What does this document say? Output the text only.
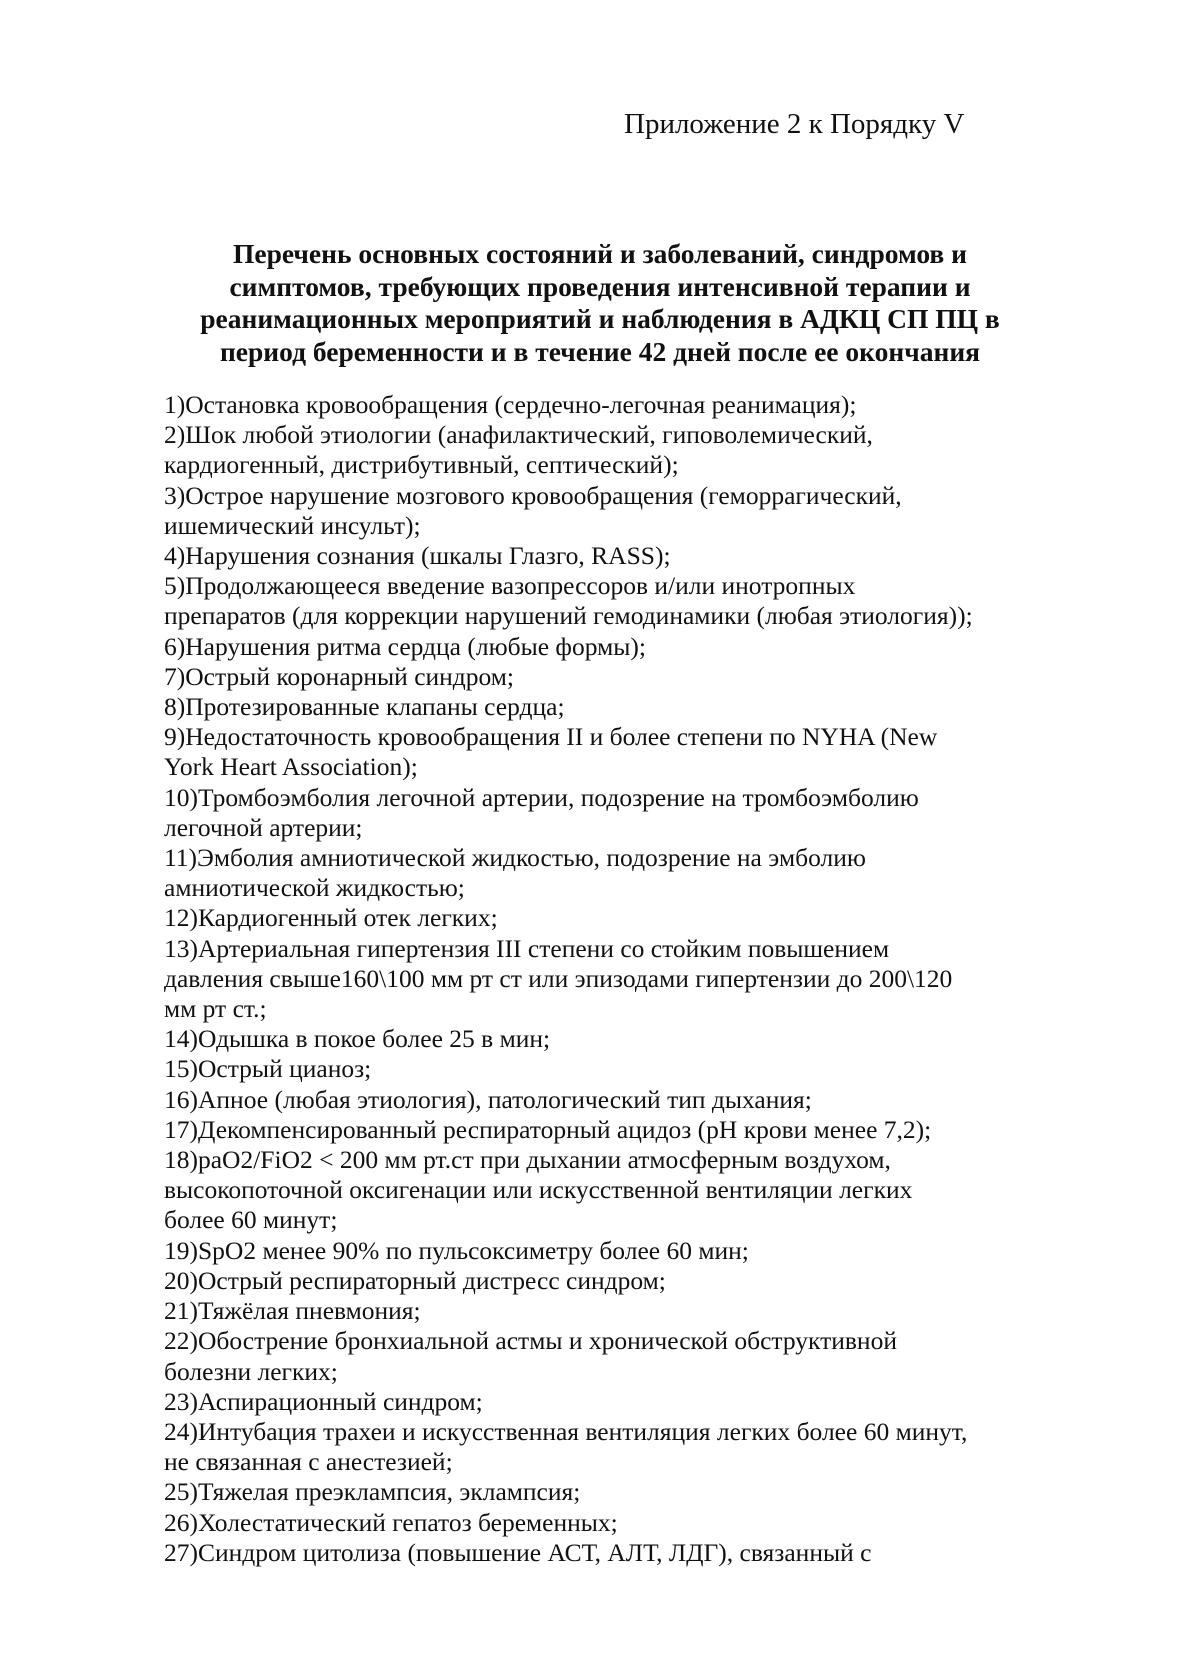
Приложение 2 к Порядку V
Перечень основных состояний и заболеваний, синдромов и
симптомов, требующих проведения интенсивной терапии и
реанимационных мероприятий и наблюдения в АДКЦ СП ПЦ в
период беременности и в течение 42 дней после ее окончания
1)Остановка кровообращения (сердечно-легочная реанимация);
2)Шок любой этиологии (анафилактический, гиповолемический,
кардиогенный, дистрибутивный, септический);
3)Острое нарушение мозгового кровообращения (геморрагический,
ишемический инсульт);
4)Нарушения сознания (шкалы Глазго, RASS);
5)Продолжающееся введение вазопрессоров и/или инотропных
препаратов (для коррекции нарушений гемодинамики (любая этиология));
6)Нарушения ритма сердца (любые формы);
7)Острый коронарный синдром;
8)Протезированные клапаны сердца;
9)Недостаточность кровообращения II и более степени по NYHA (New
York Heart Association);
10)Тромбоэмболия легочной артерии, подозрение на тромбоэмболию
легочной артерии;
11)Эмболия амниотической жидкостью, подозрение на эмболию
амниотической жидкостью;
12)Кардиогенный отек легких;
13)Артериальная гипертензия III степени со стойким повышением
давления свыше160\100 мм рт ст или эпизодами гипертензии до 200\120
мм рт ст.;
14)Одышка в покое более 25 в мин;
15)Острый цианоз;
16)Апное (любая этиология), патологический тип дыхания;
17)Декомпенсированный респираторный ацидоз (pH крови менее 7,2);
18)paO2/FiO2 < 200 мм рт.ст при дыхании атмосферным воздухом,
высокопоточной оксигенации или искусственной вентиляции легких
более 60 минут;
19)SpO2 менее 90% по пульсоксиметру более 60 мин;
20)Острый респираторный дистресс синдром;
21)Тяжёлая пневмония;
22)Обострение бронхиальной астмы и хронической обструктивной
болезни легких;
23)Аспирационный синдром;
24)Интубация трахеи и искусственная вентиляция легких более 60 минут,
не связанная с анестезией;
25)Тяжелая преэклампсия, эклампсия;
26)Холестатический гепатоз беременных;
27)Синдром цитолиза (повышение АСТ, АЛТ, ЛДГ), связанный с
